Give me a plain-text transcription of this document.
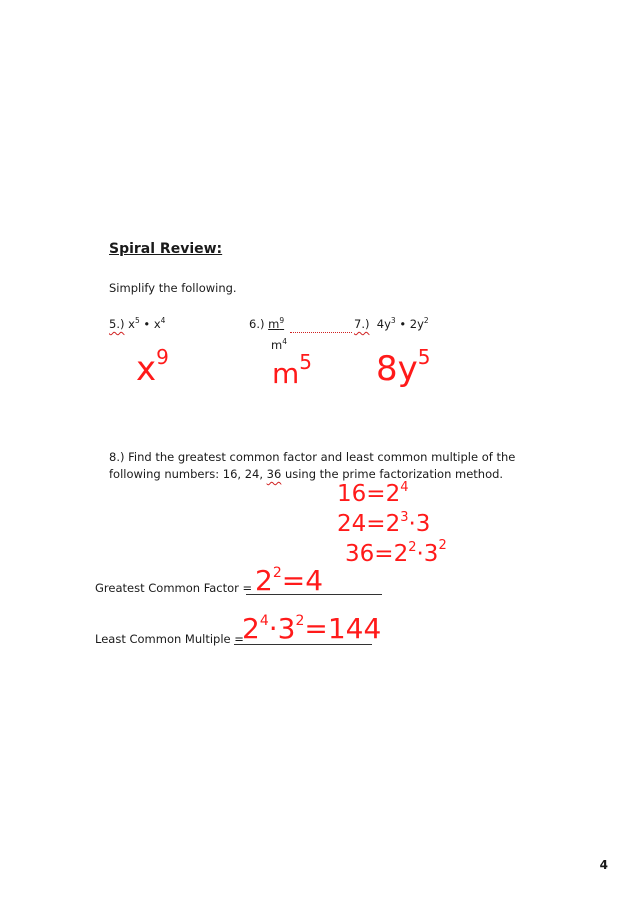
Spiral Review:
Simplify the following.
5.) $x^5$ • $x^4$	6.) $m^9$
$m^4$
7.) $4y^3$ • $2y^2$
$x^9$	$m^5$ $8y^5$
8.) Find the greatest common factor and least common multiple of the
following numbers: 16, 24, 36 using the prime factorization method.
$16=2^4$
$24=2^3\cdot 3$
$36=2^2\cdot 3^2$
Greatest Common Factor = $2^2=4$
Least Common Multiple =
$2^4\cdot 3^2=144$
4
